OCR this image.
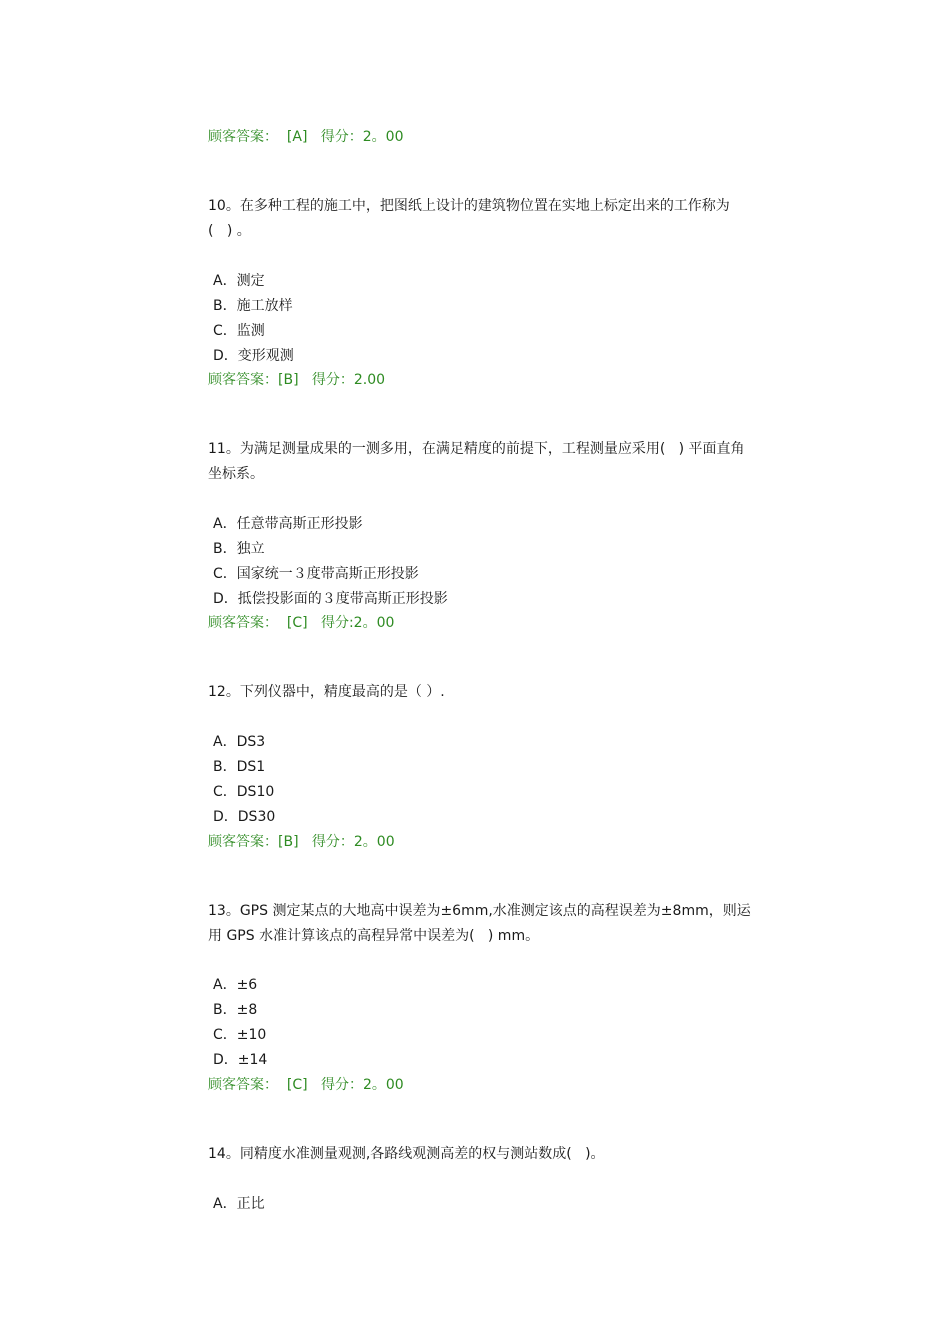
顾客答案：  [A]   得分：2。00
10。在多种工程的施工中，把图纸上设计的建筑物位置在实地上标定出来的工作称为
(   ) 。
A．测定
B．施工放样
C．监测
D．变形观测
顾客答案：[B]   得分：2.00
11。为满足测量成果的一测多用，在满足精度的前提下，工程测量应采用(   ) 平面直角
坐标系。
A．任意带高斯正形投影
B．独立
C．国家统一３度带高斯正形投影
D．抵偿投影面的３度带高斯正形投影
顾客答案：  [C]   得分:2。00
12。下列仪器中，精度最高的是（ ）.
A．DS3
B．DS1
C．DS10
D．DS30
顾客答案：[B]   得分：2。00
13。GPS 测定某点的大地高中误差为±6mm,水准测定该点的高程误差为±8mm，则运
用 GPS 水准计算该点的高程异常中误差为(   ) mm。
A．±6
B．±8
C．±10
D．±14
顾客答案：  [C]   得分：2。00
14。同精度水准测量观测,各路线观测高差的权与测站数成(   )。
A．正比
